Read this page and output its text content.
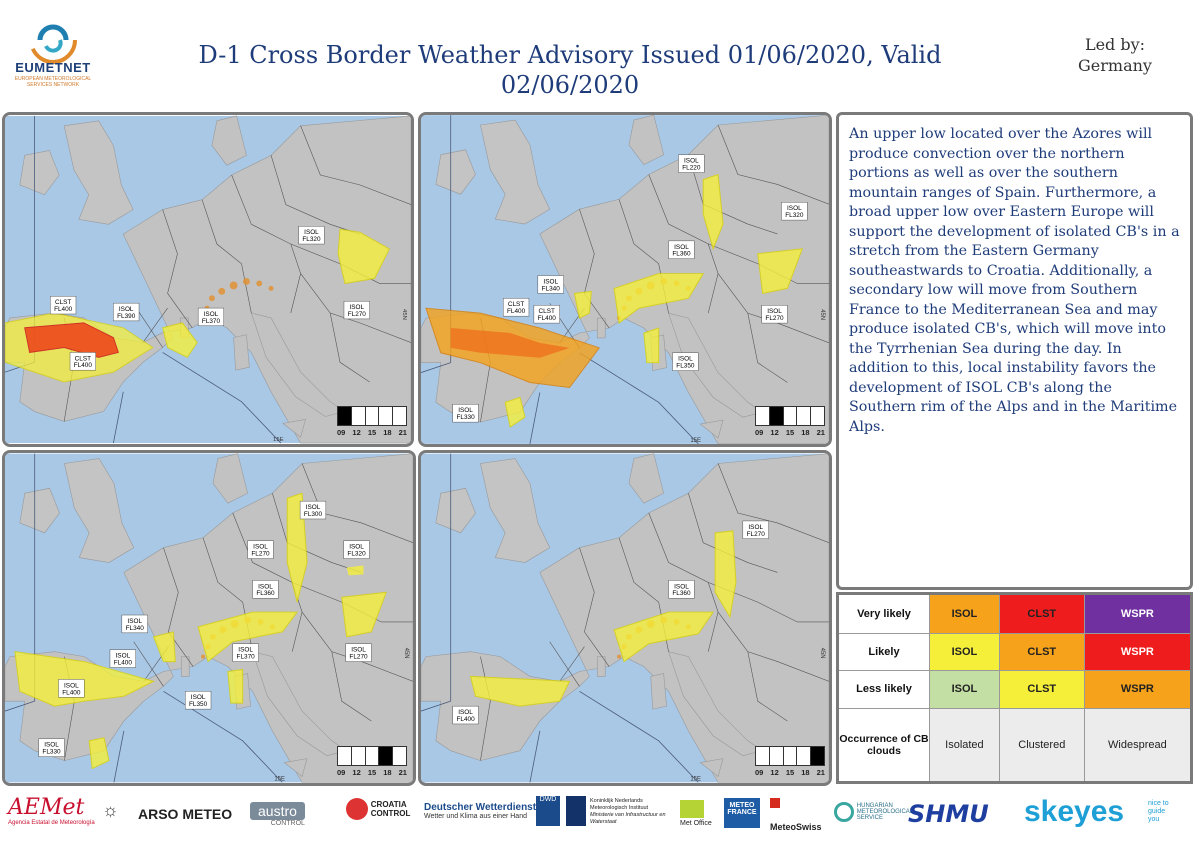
EUMETNET
EUROPEAN METEOROLOGICAL
SERVICES NETWORK
D-1 Cross Border Weather Advisory Issued 01/06/2020, Valid
02/06/2020
Led by:
Germany
ISOL
FL320
CLST
FL400	ISOL
FL390
CLST
FL400
ISOL
FL370
ISOL
FL270
ISOL
FL220
ISOL
FL320
ISOL
FL360
ISOL
FL340
CLST
FL400 CLST
FL400
ISOL
FL270
ISOL
FL350
ISOL
FL330
ISOL
FL300
ISOL
FL270
ISOL
FL320
ISOL
FL360
ISOL
FL340
ISOL
FL400
ISOL
FL370
ISOL
FL270
ISOL
FL400
ISOL
FL350
ISOL
FL330
ISOL
FL270
ISOL
FL360
ISOL
FL400
09 12 15 18 21	09 12 15 18 21
09 12 15 18 21	09 12 15 18 21
An upper low located over the Azores will produce convection over the northern portions as well as over the southern mountain ranges of Spain. Furthermore, a broad upper low over Eastern Europe will support the development of isolated CB's in a stretch from the Eastern Germany southeastwards to Croatia. Additionally, a secondary low will move from Southern France to the Mediterranean Sea and may produce isolated CB's, which will move into the Tyrrhenian Sea during the day. In addition to this, local instability favors the development of ISOL CB's along the Southern rim of the Alps and in the Maritime Alps.
Very likely	ISOL	CLST	WSPR
Likely	ISOL	CLST	WSPR
Less likely	ISOL	CLST	WSPR
Occurrence of CB clouds	Isolated	Clustered	Widespread
AEMet
Agencia Estatal de Meteorología
☼ ARSO METEO	austro
CONTROL
CROATIA CONTROL
Deutscher Wetterdienst
Wetter und Klima aus einer Hand
DWD	Koninklijk Nederlands Meteorologisch Instituut
Ministerie van Infrastructuur en Waterstaat	Met Office
METEO FRANCE
MeteoSwiss
HUNGARIAN METEOROLOGICAL SERVICE	SHMU skeyes	nice to guide you
